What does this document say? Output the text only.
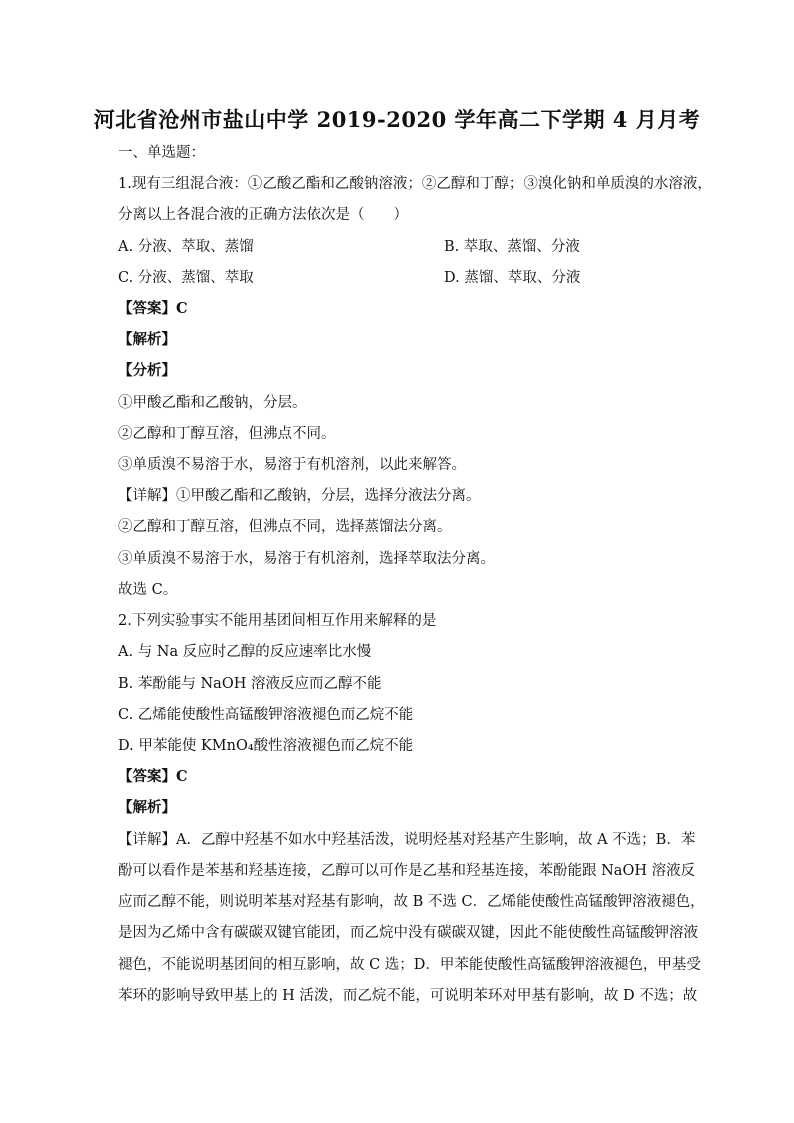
河北省沧州市盐山中学 2019-2020 学年高二下学期 4 月月考
一、单选题：
1.现有三组混合液：①乙酸乙酯和乙酸钠溶液；②乙醇和丁醇；③溴化钠和单质溴的水溶液，
分离以上各混合液的正确方法依次是（　　）
A. 分液、萃取、蒸馏	B. 萃取、蒸馏、分液
C. 分液、蒸馏、萃取	D. 蒸馏、萃取、分液
【答案】C
【解析】
【分析】
①甲酸乙酯和乙酸钠，分层。
②乙醇和丁醇互溶，但沸点不同。
③单质溴不易溶于水，易溶于有机溶剂，以此来解答。
【详解】①甲酸乙酯和乙酸钠，分层，选择分液法分离。
②乙醇和丁醇互溶，但沸点不同，选择蒸馏法分离。
③单质溴不易溶于水，易溶于有机溶剂，选择萃取法分离。
故选 C。
2.下列实验事实不能用基团间相互作用来解释的是
A. 与 Na 反应时乙醇的反应速率比水慢
B. 苯酚能与 NaOH 溶液反应而乙醇不能
C. 乙烯能使酸性高锰酸钾溶液褪色而乙烷不能
D. 甲苯能使 KMnO₄酸性溶液褪色而乙烷不能
【答案】C
【解析】
【详解】A．乙醇中羟基不如水中羟基活泼，说明烃基对羟基产生影响，故 A 不选；B．苯
酚可以看作是苯基和羟基连接，乙醇可以可作是乙基和羟基连接，苯酚能跟 NaOH 溶液反
应而乙醇不能，则说明苯基对羟基有影响，故 B 不选 C．乙烯能使酸性高锰酸钾溶液褪色，
是因为乙烯中含有碳碳双键官能团，而乙烷中没有碳碳双键，因此不能使酸性高锰酸钾溶液
褪色，不能说明基团间的相互影响，故 C 选；D．甲苯能使酸性高锰酸钾溶液褪色，甲基受
苯环的影响导致甲基上的 H 活泼，而乙烷不能，可说明苯环对甲基有影响，故 D 不选；故
